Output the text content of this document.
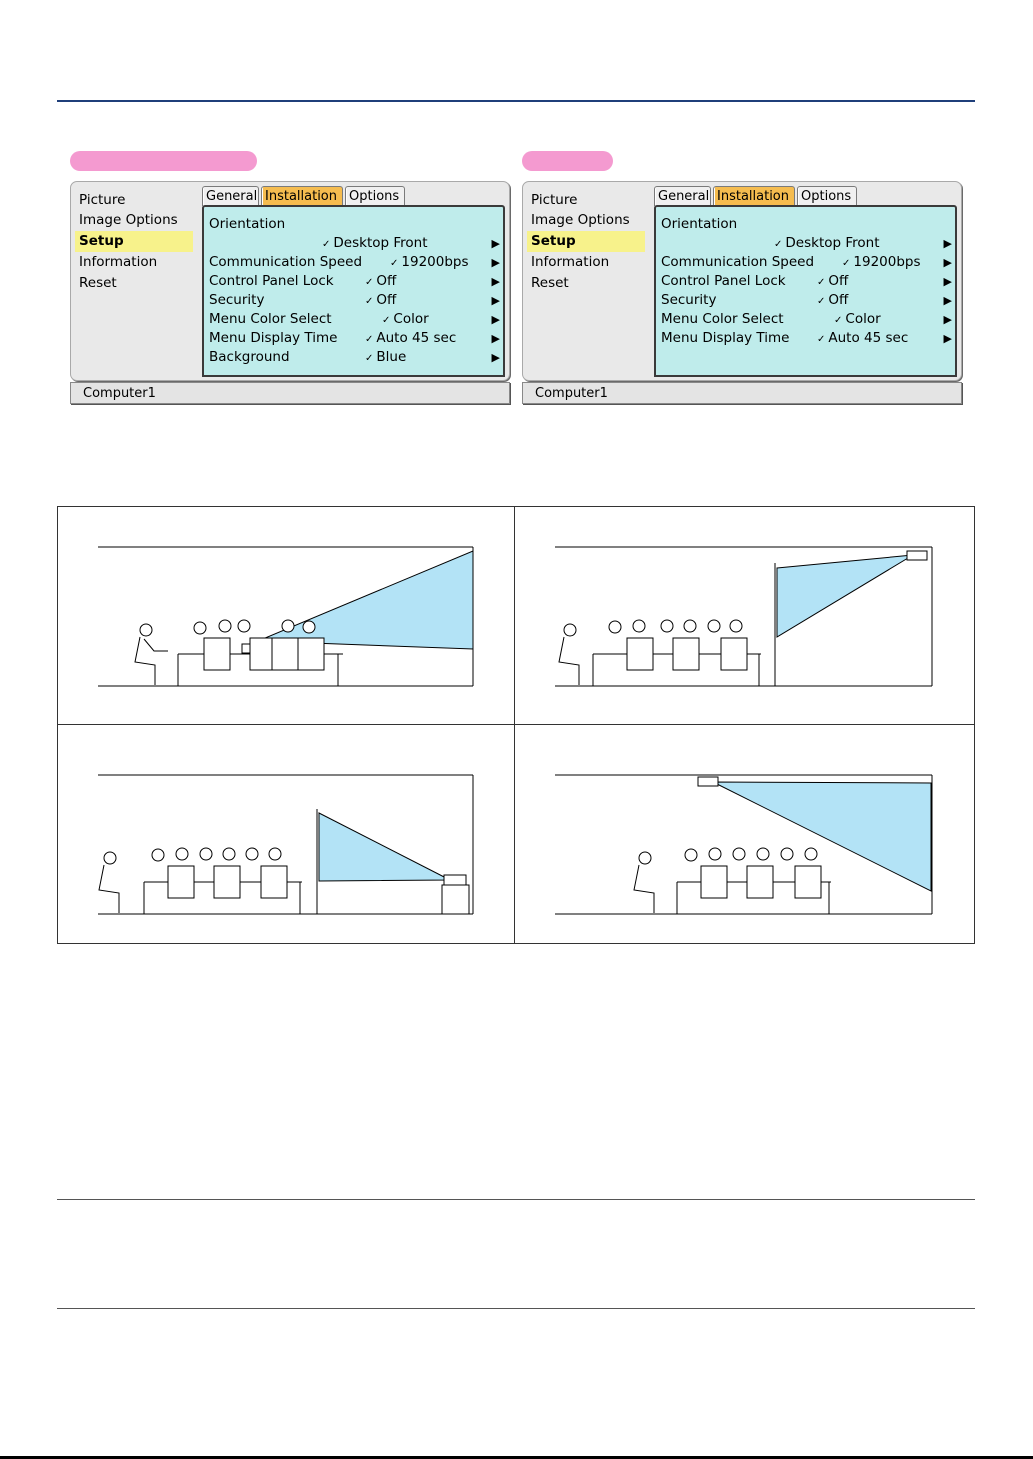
Picture
Image Options
Setup
Information
Reset
General Installation Options
Orientation
✓ Desktop Front	▶
Communication Speed	✓ 19200bps ▶
Control Panel Lock	✓ Off	▶
Security	✓ Off	▶
Menu Color Select	✓ Color	▶
Menu Display Time	✓ Auto 45 sec	▶
Background	✓ Blue	▶
Computer1
Picture
Image Options
Setup
Information
Reset
General Installation Options
Orientation
✓ Desktop Front	▶
Communication Speed	✓ 19200bps ▶
Control Panel Lock	✓ Off	▶
Security	✓ Off	▶
Menu Color Select	✓ Color	▶
Menu Display Time	✓ Auto 45 sec	▶
Computer1
